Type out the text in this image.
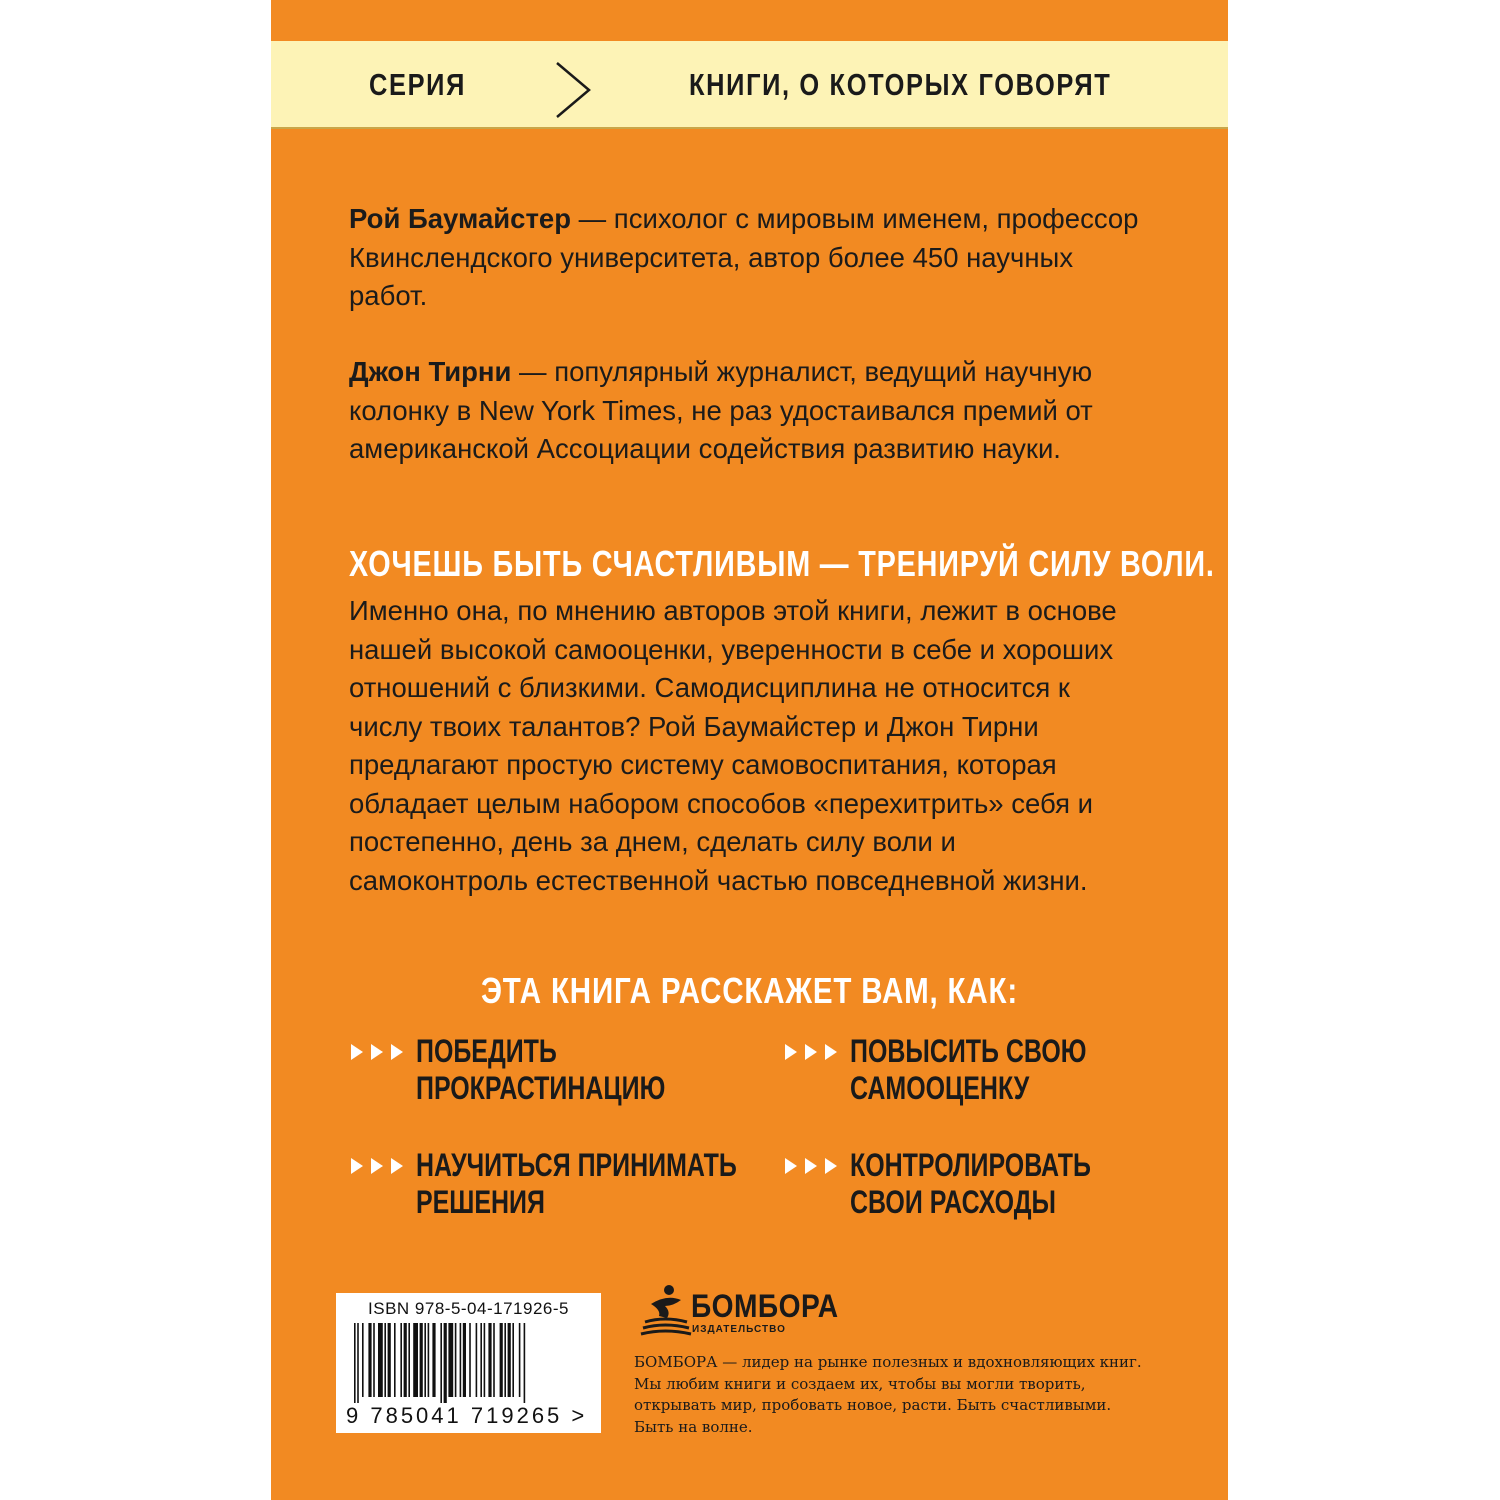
СЕРИЯ	КНИГИ, О КОТОРЫХ ГОВОРЯТ
Рой Баумайстер — психолог с мировым именем, профессор Квинслендского университета, автор более 450 научных работ.
Джон Тирни — популярный журналист, ведущий научную колонку в New York Times, не раз удостаивался премий от американской Ассоциации содействия развитию науки.
ХОЧЕШЬ БЫТЬ СЧАСТЛИВЫМ — ТРЕНИРУЙ СИЛУ ВОЛИ.
Именно она, по мнению авторов этой книги, лежит в основе нашей высокой самооценки, уверенности в себе и хороших отношений с близкими. Самодисциплина не относится к числу твоих талантов? Рой Баумайстер и Джон Тирни предлагают простую систему самовоспитания, которая обладает целым набором способов «перехитрить» себя и постепенно, день за днем, сделать силу воли и самоконтроль естественной частью повседневной жизни.
ЭТА КНИГА РАССКАЖЕТ ВАМ, КАК:
ПОБЕДИТЬ
ПРОКРАСТИНАЦИЮ
ПОВЫСИТЬ СВОЮ
САМООЦЕНКУ
НАУЧИТЬСЯ ПРИНИМАТЬ
РЕШЕНИЯ
КОНТРОЛИРОВАТЬ
СВОИ РАСХОДЫ
ISBN 978-5-04-171926-5
9 785041 719265 >
БОМБОРА
ИЗДАТЕЛЬСТВО
БОМБОРА — лидер на рынке полезных и вдохновляющих книг. Мы любим книги и создаем их, чтобы вы могли творить, открывать мир, пробовать новое, расти. Быть счастливыми. Быть на волне.
